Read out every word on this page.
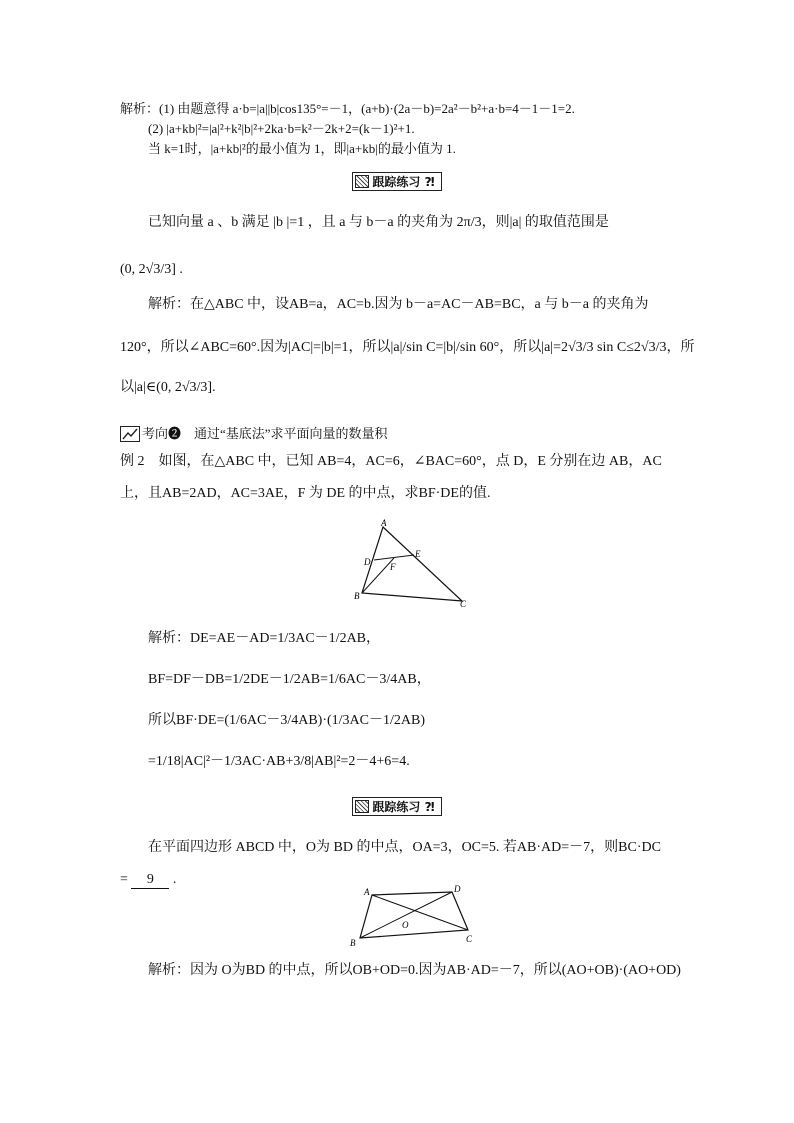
解析：(1) 由题意得 a·b=|a||b|cos135°=－1，(a+b)·(2a－b)=2a²－b²+a·b=4－1－1=2.
(2) |a+kb|²=|a|²+k²|b|²+2ka·b=k²－2k+2=(k－1)²+1.
当 k=1时，|a+kb|²的最小值为 1，即|a+kb|的最小值为 1.
跟踪练习 ⁈
已知向量 a 、b 满足 |b |=1 ，且 a 与 b－a 的夹角为 2π/3，则|a| 的取值范围是
(0, 2√3/3] .
解析：在△ABC 中，设AB=a，AC=b.因为 b－a=AC－AB=BC，a 与 b－a 的夹角为
120°，所以∠ABC=60°.因为|AC|=|b|=1，所以|a|/sin C=|b|/sin 60°，所以|a|=2√3/3 sin C≤2√3/3，所
以|a|∈(0, 2√3/3].
考向❷　通过“基底法”求平面向量的数量积
例 2　如图，在△ABC 中，已知 AB=4，AC=6，∠BAC=60°，点 D，E 分别在边 AB，AC
上，且AB=2AD，AC=3AE，F 为 DE 的中点，求BF·DE的值.
A
B
C
D
E
F
解析：DE=AE－AD=1/3AC－1/2AB，
BF=DF－DB=1/2DE－1/2AB=1/6AC－3/4AB，
所以BF·DE=(1/6AC－3/4AB)·(1/3AC－1/2AB)
=1/18|AC|²－1/3AC·AB+3/8|AB|²=2－4+6=4.
跟踪练习 ⁈
在平面四边形 ABCD 中，O为 BD 的中点，OA=3，OC=5. 若AB·AD=－7，则BC·DC
= 9 .
A
B	C
D
O
解析：因为 O为BD 的中点，所以OB+OD=0.因为AB·AD=－7，所以(AO+OB)·(AO+OD)
